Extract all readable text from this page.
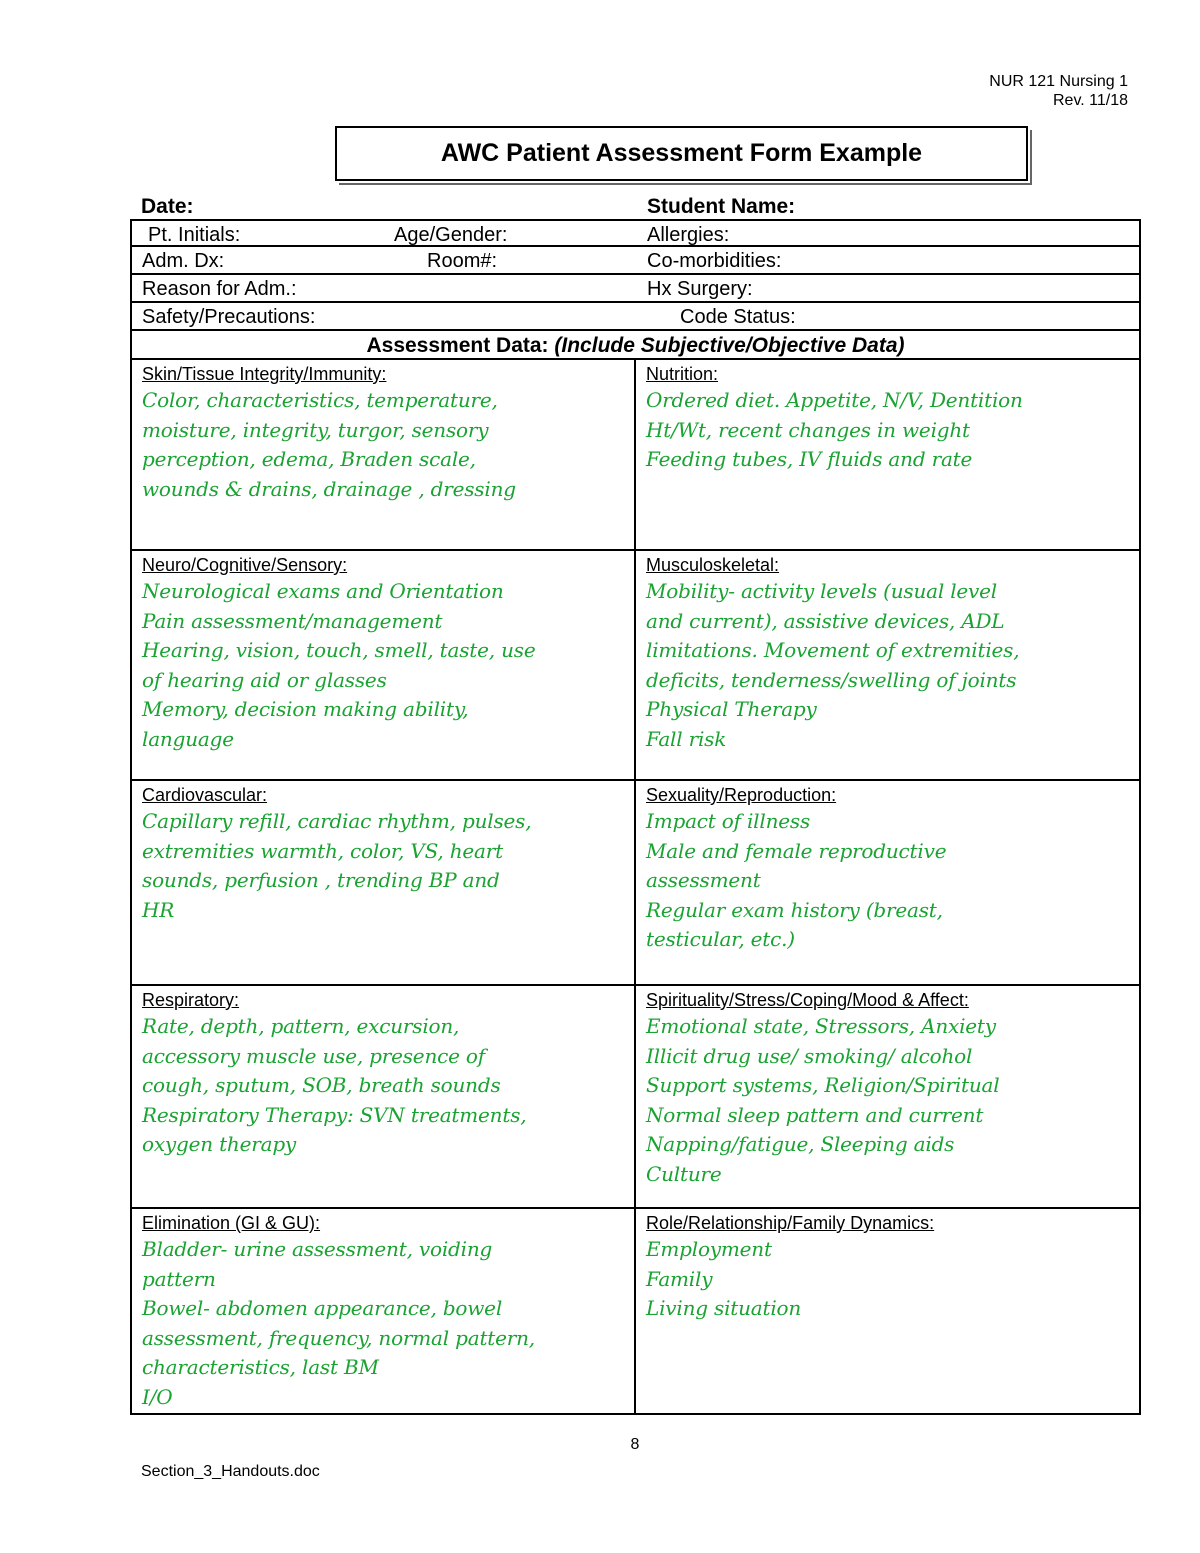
NUR 121 Nursing 1
Rev. 11/18
AWC Patient Assessment Form Example
Date:	Student Name:
Pt. Initials:	Age/Gender:	Allergies:
Adm. Dx:	Room#:	Co-morbidities:
Reason for Adm.:	Hx Surgery:
Safety/Precautions:	Code Status:
Assessment Data: (Include Subjective/Objective Data)
Skin/Tissue Integrity/Immunity:
Color, characteristics, temperature,
moisture, integrity, turgor, sensory
perception, edema, Braden scale,
wounds & drains, drainage , dressing
Nutrition:
Ordered diet. Appetite, N/V, Dentition
Ht/Wt, recent changes in weight
Feeding tubes, IV fluids and rate
Neuro/Cognitive/Sensory:
Neurological exams and Orientation
Pain assessment/management
Hearing, vision, touch, smell, taste, use
of hearing aid or glasses
Memory, decision making ability,
language
Musculoskeletal:
Mobility- activity levels (usual level
and current), assistive devices, ADL
limitations. Movement of extremities,
deficits, tenderness/swelling of joints
Physical Therapy
Fall risk
Cardiovascular:
Capillary refill, cardiac rhythm, pulses,
extremities warmth, color, VS, heart
sounds, perfusion , trending BP and
HR
Sexuality/Reproduction:
Impact of illness
Male and female reproductive
assessment
Regular exam history (breast,
testicular, etc.)
Respiratory:
Rate, depth, pattern, excursion,
accessory muscle use, presence of
cough, sputum, SOB, breath sounds
Respiratory Therapy: SVN treatments,
oxygen therapy
Spirituality/Stress/Coping/Mood & Affect:
Emotional state, Stressors, Anxiety
Illicit drug use/ smoking/ alcohol
Support systems, Religion/Spiritual
Normal sleep pattern and current
Napping/fatigue, Sleeping aids
Culture
Elimination (GI & GU):
Bladder- urine assessment, voiding
pattern
Bowel- abdomen appearance, bowel
assessment, frequency, normal pattern,
characteristics, last BM
I/O
Role/Relationship/Family Dynamics:
Employment
Family
Living situation
8
Section_3_Handouts.doc
